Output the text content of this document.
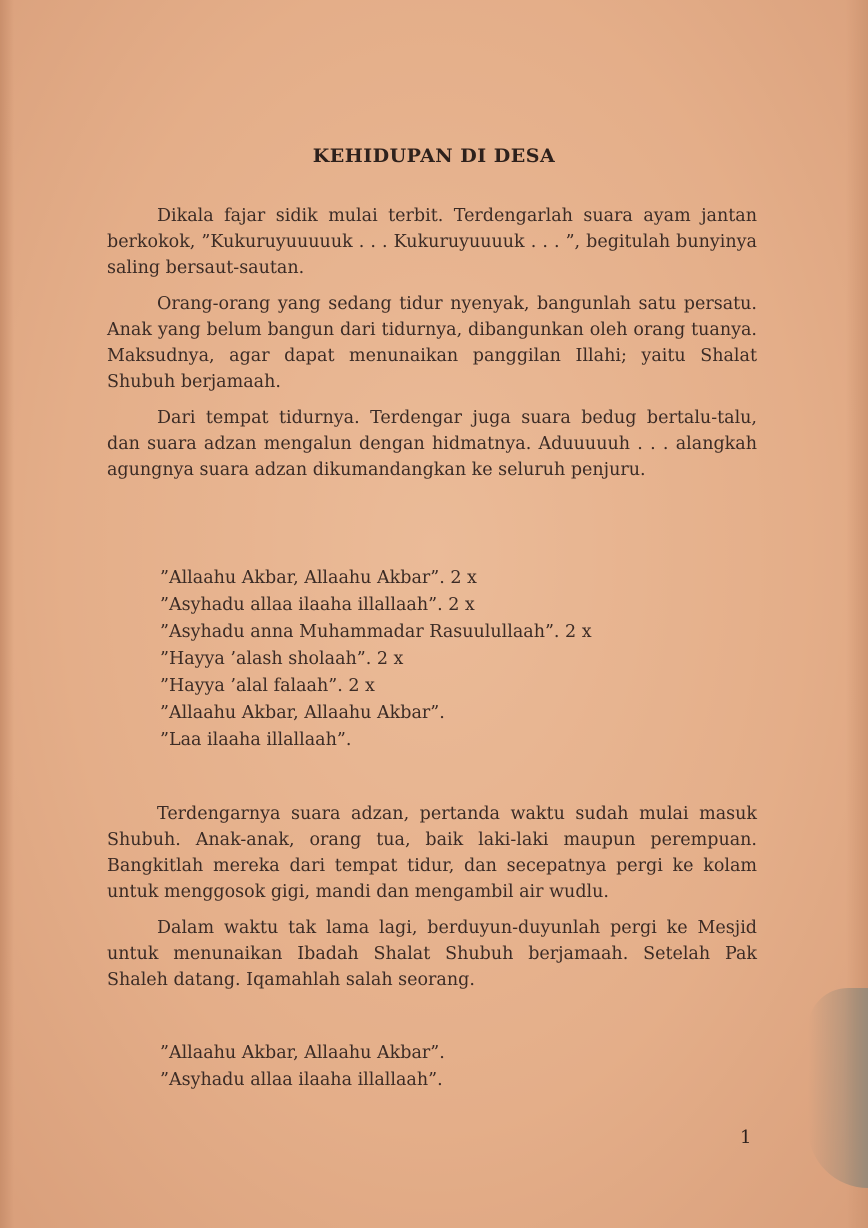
KEHIDUPAN DI DESA

Dikala fajar sidik mulai terbit. Terdengarlah suara ayam jantan berkokok, ”Kukuruyuuuuuk . . . Kukuruyuuuuk . . . ”, begitulah bunyinya saling bersaut-sautan.

Orang-orang yang sedang tidur nyenyak, bangunlah satu persatu. Anak yang belum bangun dari tidurnya, dibangunkan oleh orang tuanya. Maksudnya, agar dapat menunaikan panggilan Illahi; yaitu Shalat Shubuh berjamaah.

Dari tempat tidurnya. Terdengar juga suara bedug bertalu-talu, dan suara adzan mengalun dengan hidmatnya. Aduuuuuh . . . alangkah agungnya suara adzan dikumandangkan ke seluruh penjuru.

”Allaahu Akbar, Allaahu Akbar”. 2 x
”Asyhadu allaa ilaaha illallaah”. 2 x
”Asyhadu anna Muhammadar Rasuulullaah”. 2 x
”Hayya ’alash sholaah”. 2 x
”Hayya ’alal falaah”. 2 x
”Allaahu Akbar, Allaahu Akbar”.
”Laa ilaaha illallaah”.

Terdengarnya suara adzan, pertanda waktu sudah mulai masuk Shubuh. Anak-anak, orang tua, baik laki-laki maupun perempuan. Bangkitlah mereka dari tempat tidur, dan secepatnya pergi ke kolam untuk menggosok gigi, mandi dan mengambil air wudlu.

Dalam waktu tak lama lagi, berduyun-duyunlah pergi ke Mesjid untuk menunaikan Ibadah Shalat Shubuh berjamaah. Setelah Pak Shaleh datang. Iqamahlah salah seorang.

”Allaahu Akbar, Allaahu Akbar”.
”Asyhadu allaa ilaaha illallaah”.
1
